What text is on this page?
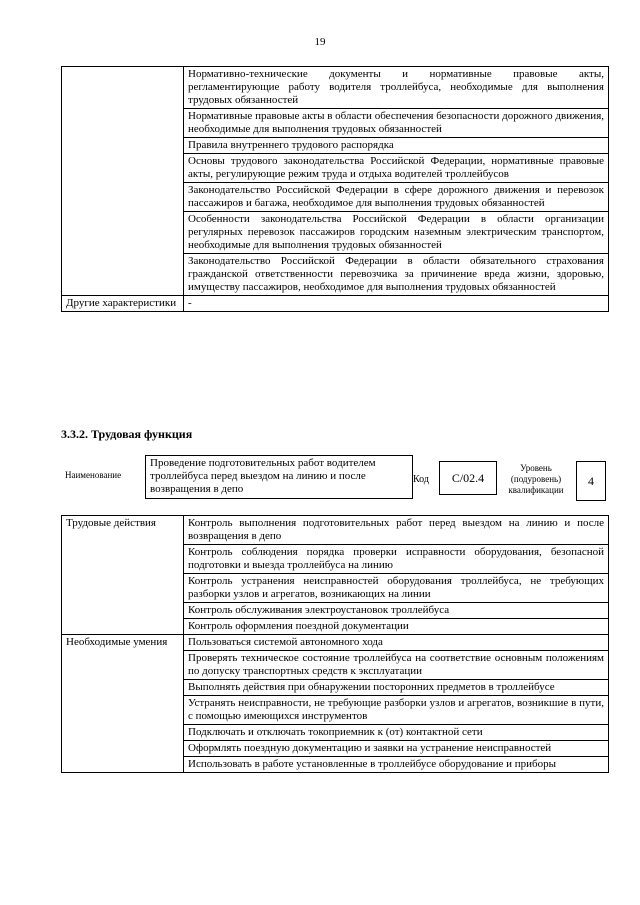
19
	Нормативно-технические документы и нормативные правовые акты, регламентирующие работу водителя троллейбуса, необходимые для выполнения трудовых обязанностей
	Нормативные правовые акты в области обеспечения безопасности дорожного движения, необходимые для выполнения трудовых обязанностей
	Правила внутреннего трудового распорядка
	Основы трудового законодательства Российской Федерации, нормативные правовые акты, регулирующие режим труда и отдыха водителей троллейбусов
	Законодательство Российской Федерации в сфере дорожного движения и перевозок пассажиров и багажа, необходимое для выполнения трудовых обязанностей
	Особенности законодательства Российской Федерации в области организации регулярных перевозок пассажиров городским наземным электрическим транспортом, необходимые для выполнения трудовых обязанностей
	Законодательство Российской Федерации в области обязательного страхования гражданской ответственности перевозчика за причинение вреда жизни, здоровью, имуществу пассажиров, необходимое для выполнения трудовых обязанностей
Другие характеристики	-
3.3.2. Трудовая функция
Наименование
Проведение подготовительных работ водителем троллейбуса перед выездом на линию и после возвращения в депо
Код	C/02.4
Уровень (подуровень) квалификации
4
Трудовые действия	Контроль выполнения подготовительных работ перед выездом на линию и после возвращения в депо
	Контроль соблюдения порядка проверки исправности оборудования, безопасной подготовки и выезда троллейбуса на линию
	Контроль устранения неисправностей оборудования троллейбуса, не требующих разборки узлов и агрегатов, возникающих на линии
	Контроль обслуживания электроустановок троллейбуса
	Контроль оформления поездной документации
Необходимые умения	Пользоваться системой автономного хода
	Проверять техническое состояние троллейбуса на соответствие основным положениям по допуску транспортных средств к эксплуатации
	Выполнять действия при обнаружении посторонних предметов в троллейбусе
	Устранять неисправности, не требующие разборки узлов и агрегатов, возникшие в пути, с помощью имеющихся инструментов
	Подключать и отключать токоприемник к (от) контактной сети
	Оформлять поездную документацию и заявки на устранение неисправностей
	Использовать в работе установленные в троллейбусе оборудование и приборы
